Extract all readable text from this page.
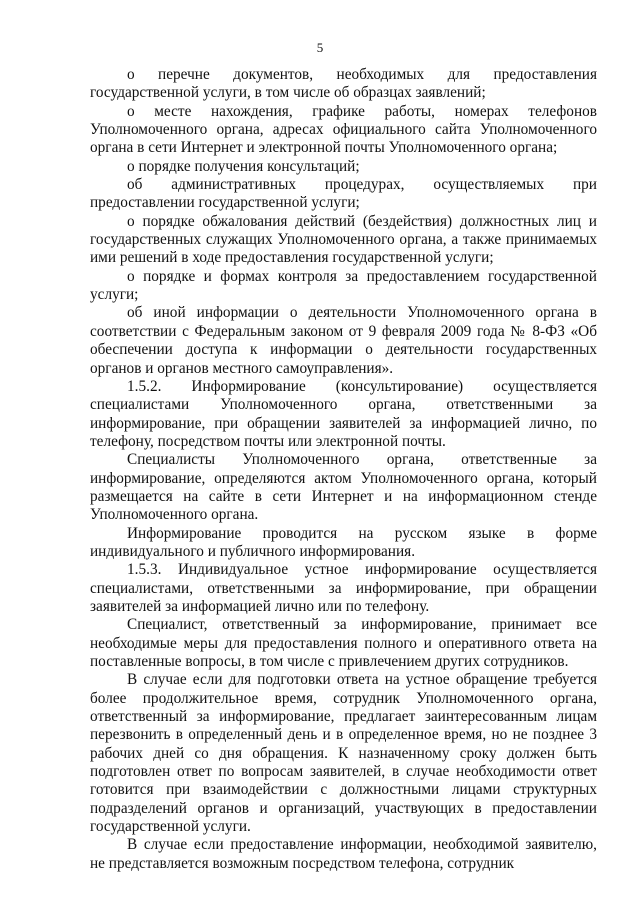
5

о перечне документов, необходимых для предоставления государственной услуги, в том числе об образцах заявлений;

о месте нахождения, графике работы, номерах телефонов Уполномоченного органа, адресах официального сайта Уполномоченного органа в сети Интернет и электронной почты Уполномоченного органа;

о порядке получения консультаций;

об административных процедурах, осуществляемых при предоставлении государственной услуги;

о порядке обжалования действий (бездействия) должностных лиц и государственных служащих Уполномоченного органа, а также принимаемых ими решений в ходе предоставления государственной услуги;

о порядке и формах контроля за предоставлением государственной услуги;

об иной информации о деятельности Уполномоченного органа в соответствии с Федеральным законом от 9 февраля 2009 года № 8-ФЗ «Об обеспечении доступа к информации о деятельности государственных органов и органов местного самоуправления».

1.5.2. Информирование (консультирование) осуществляется специалистами Уполномоченного органа, ответственными за информирование, при обращении заявителей за информацией лично, по телефону, посредством почты или электронной почты.

Специалисты Уполномоченного органа, ответственные за информирование, определяются актом Уполномоченного органа, который размещается на сайте в сети Интернет и на информационном стенде Уполномоченного органа.

Информирование проводится на русском языке в форме индивидуального и публичного информирования.

1.5.3. Индивидуальное устное информирование осуществляется специалистами, ответственными за информирование, при обращении заявителей за информацией лично или по телефону.

Специалист, ответственный за информирование, принимает все необходимые меры для предоставления полного и оперативного ответа на поставленные вопросы, в том числе с привлечением других сотрудников.

В случае если для подготовки ответа на устное обращение требуется более продолжительное время, сотрудник Уполномоченного органа, ответственный за информирование, предлагает заинтересованным лицам перезвонить в определенный день и в определенное время, но не позднее 3 рабочих дней со дня обращения. К назначенному сроку должен быть подготовлен ответ по вопросам заявителей, в случае необходимости ответ готовится при взаимодействии с должностными лицами структурных подразделений органов и организаций, участвующих в предоставлении государственной услуги.

В случае если предоставление информации, необходимой заявителю, не представляется возможным посредством телефона, сотрудник
